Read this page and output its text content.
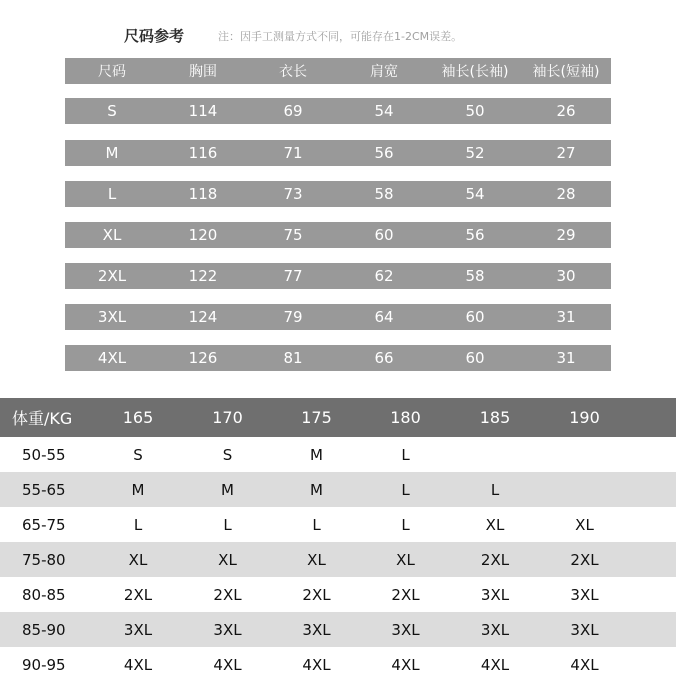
尺码参考	注：因手工测量方式不同，可能存在1-2CM误差。
尺码	胸围	衣长	肩宽	袖长(长袖)	袖长(短袖)
S	114	69	54	50	26
M	116	71	56	52	27
L	118	73	58	54	28
XL	120	75	60	56	29
2XL	122	77	62	58	30
3XL	124	79	64	60	31
4XL	126	81	66	60	31
体重/KG	165	170	175	180	185	190
50-55	S	S	M	L
55-65	M	M	M	L	L
65-75	L	L	L	L	XL	XL
75-80	XL	XL	XL	XL	2XL	2XL
80-85	2XL	2XL	2XL	2XL	3XL	3XL
85-90	3XL	3XL	3XL	3XL	3XL	3XL
90-95	4XL	4XL	4XL	4XL	4XL	4XL
